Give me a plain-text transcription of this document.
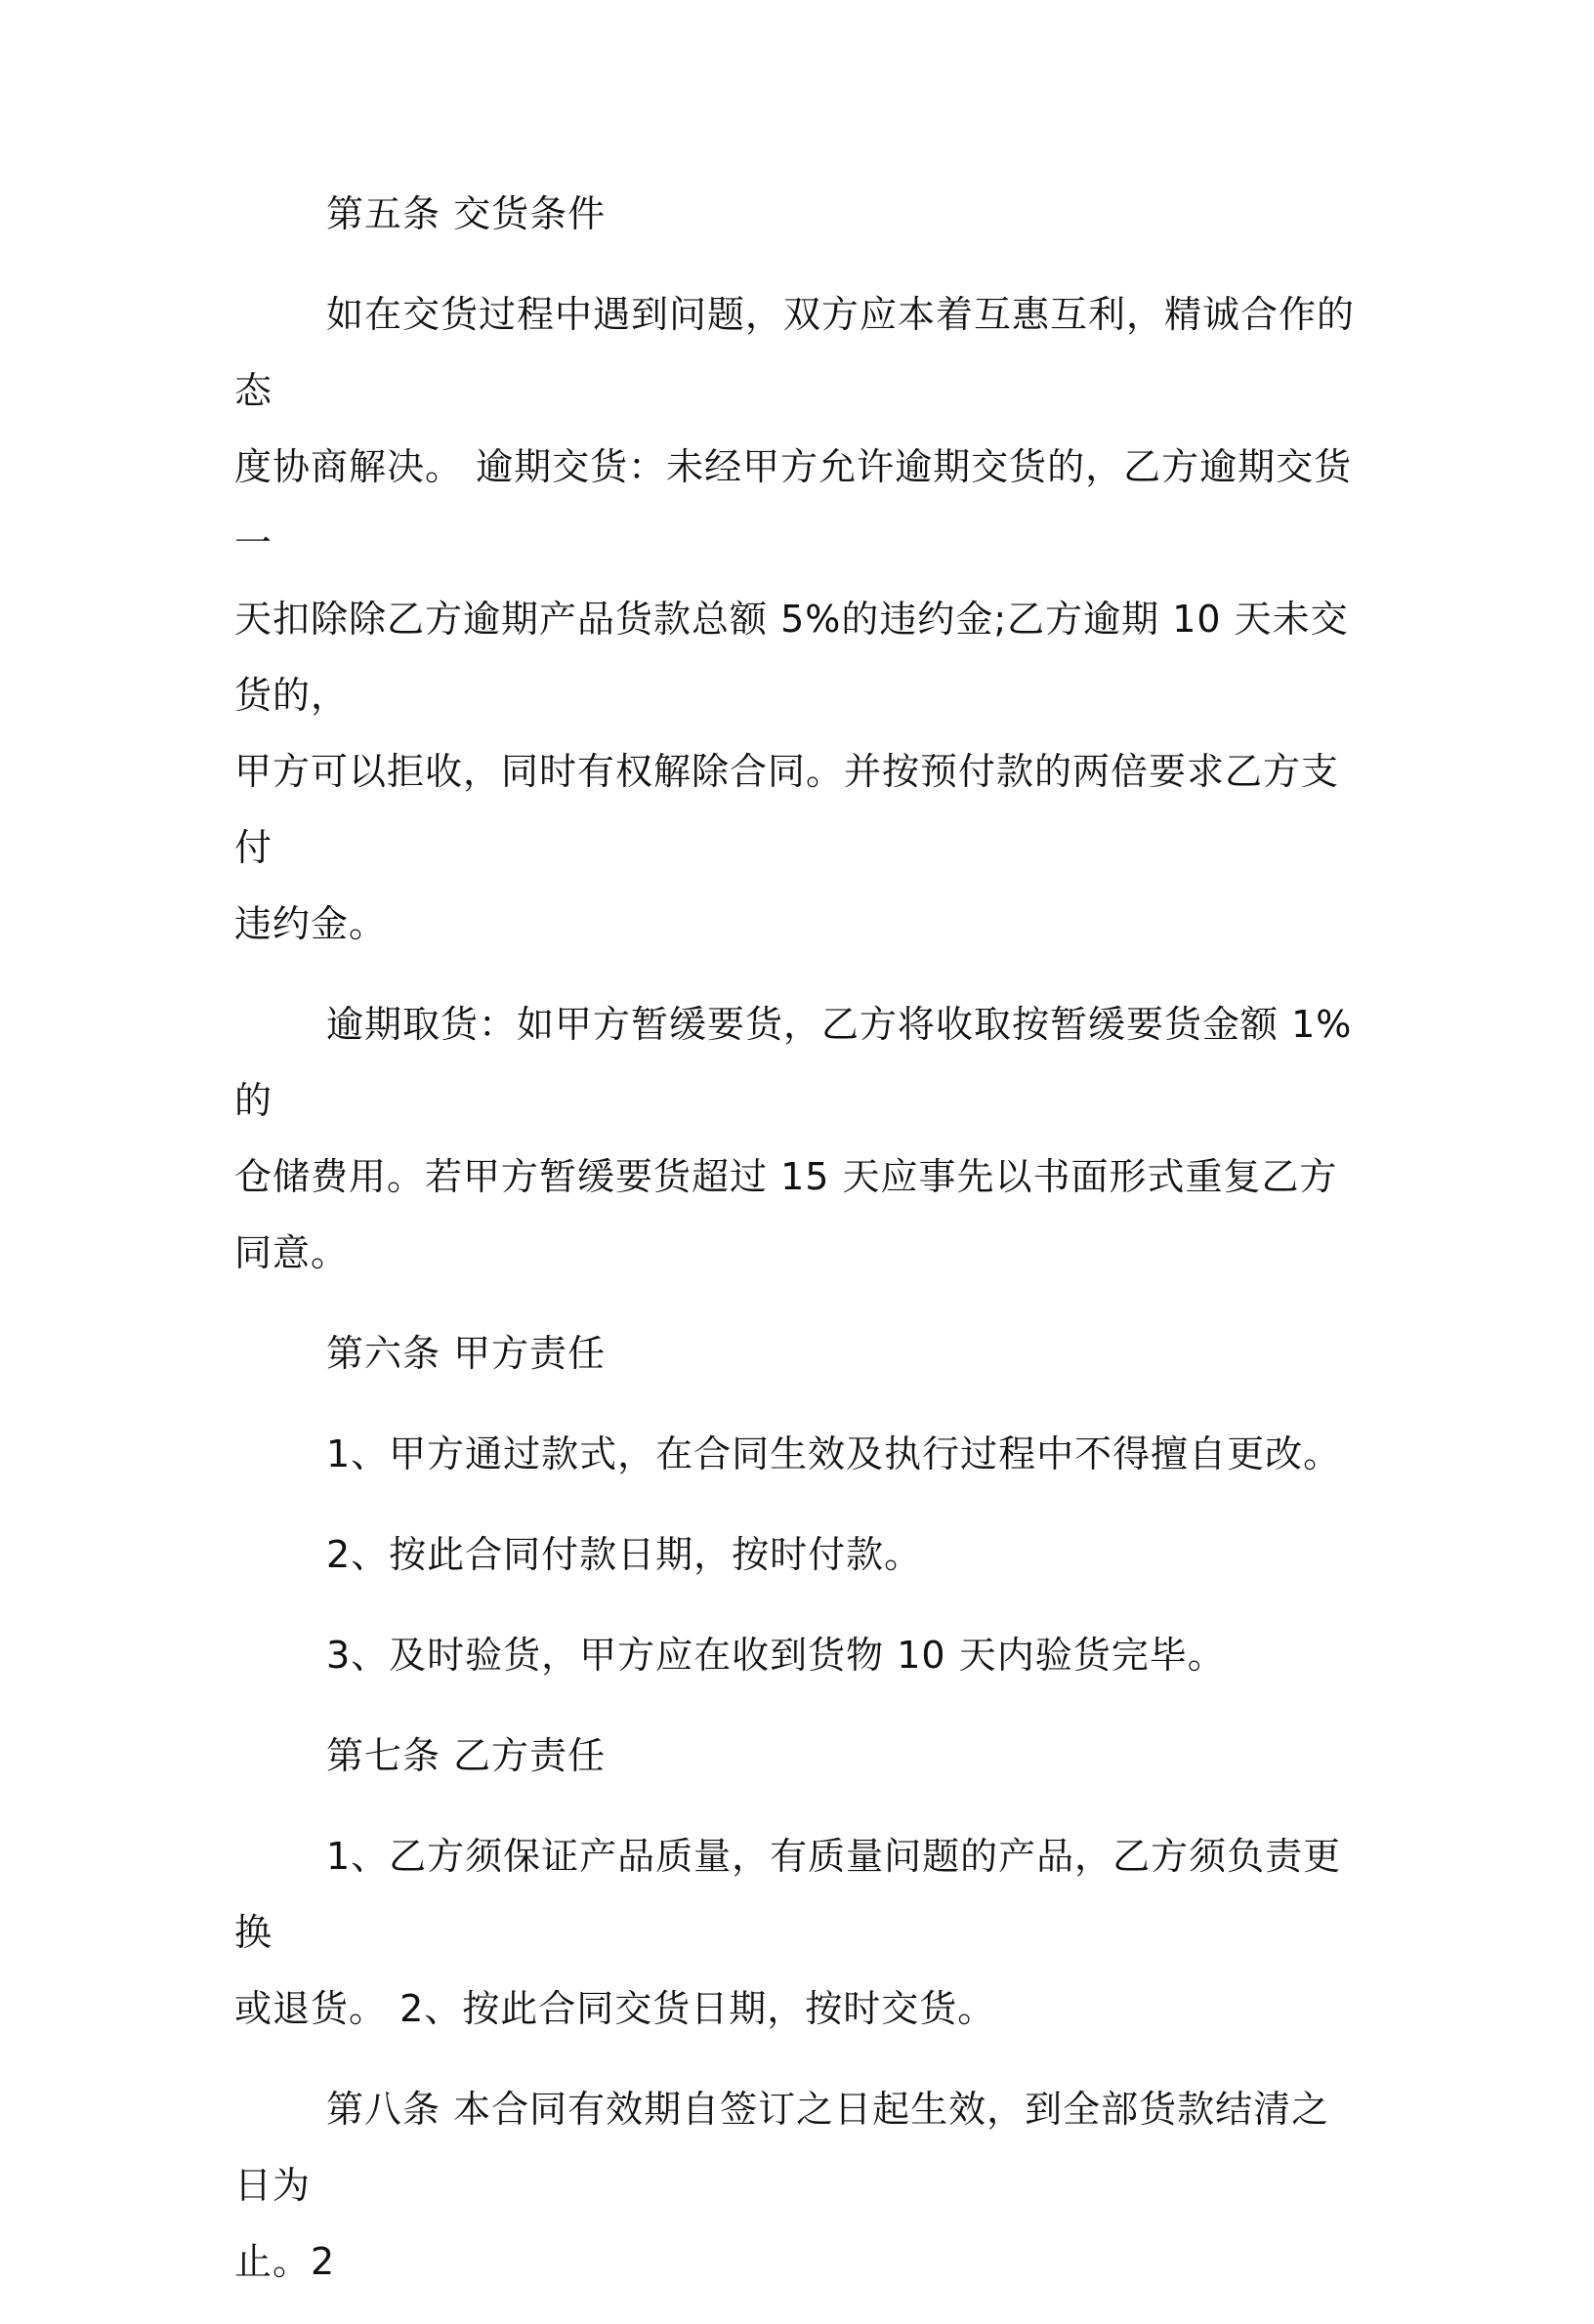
第五条 交货条件
如在交货过程中遇到问题，双方应本着互惠互利，精诚合作的态
度协商解决。 逾期交货：未经甲方允许逾期交货的，乙方逾期交货一
天扣除除乙方逾期产品货款总额 5%的违约金;乙方逾期 10 天未交货的，
甲方可以拒收，同时有权解除合同。并按预付款的两倍要求乙方支付
违约金。
逾期取货：如甲方暂缓要货，乙方将收取按暂缓要货金额 1%的
仓储费用。若甲方暂缓要货超过 15 天应事先以书面形式重复乙方同意。
第六条 甲方责任
1、甲方通过款式，在合同生效及执行过程中不得擅自更改。
2、按此合同付款日期，按时付款。
3、及时验货，甲方应在收到货物 10 天内验货完毕。
第七条 乙方责任
1、乙方须保证产品质量，有质量问题的产品，乙方须负责更换
或退货。 2、按此合同交货日期，按时交货。
第八条 本合同有效期自签订之日起生效，到全部货款结清之日为
止。2
